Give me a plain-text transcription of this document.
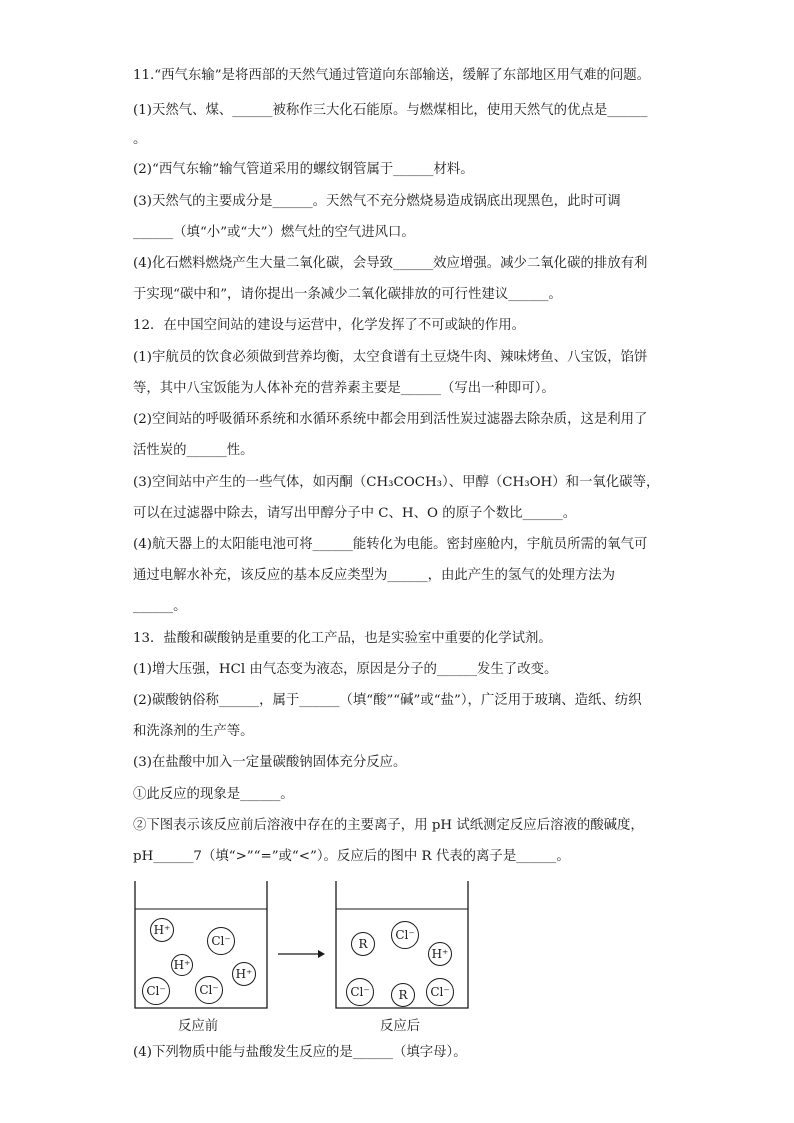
11.“西气东输”是将西部的天然气通过管道向东部输送，缓解了东部地区用气难的问题。
(1)天然气、煤、______被称作三大化石能原。与燃煤相比，使用天然气的优点是______
。
(2)“西气东输”输气管道采用的螺纹钢管属于______材料。
(3)天然气的主要成分是______。天然气不充分燃烧易造成锅底出现黑色，此时可调
______（填“小”或“大”）燃气灶的空气进风口。
(4)化石燃料燃烧产生大量二氧化碳，会导致______效应增强。减少二氧化碳的排放有利
于实现“碳中和”，请你提出一条减少二氧化碳排放的可行性建议______。
12．在中国空间站的建设与运营中，化学发挥了不可或缺的作用。
(1)宇航员的饮食必须做到营养均衡，太空食谱有土豆烧牛肉、辣味烤鱼、八宝饭，馅饼
等，其中八宝饭能为人体补充的营养素主要是______（写出一种即可）。
(2)空间站的呼吸循环系统和水循环系统中都会用到活性炭过滤器去除杂质，这是利用了
活性炭的______性。
(3)空间站中产生的一些气体，如丙酮（CH₃COCH₃）、甲醇（CH₃OH）和一氧化碳等，
可以在过滤器中除去，请写出甲醇分子中 C、H、O 的原子个数比______。
(4)航天器上的太阳能电池可将______能转化为电能。密封座舱内，宇航员所需的氧气可
通过电解水补充，该反应的基本反应类型为______，由此产生的氢气的处理方法为
______。
13．盐酸和碳酸钠是重要的化工产品，也是实验室中重要的化学试剂。
(1)增大压强，HCl 由气态变为液态，原因是分子的______发生了改变。
(2)碳酸钠俗称______，属于______（填“酸”“碱”或“盐”），广泛用于玻璃、造纸、纺织
和洗涤剂的生产等。
(3)在盐酸中加入一定量碳酸钠固体充分反应。
①此反应的现象是______。
②下图表示该反应前后溶液中存在的主要离子，用 pH 试纸测定反应后溶液的酸碱度，
pH______7（填“>”“=”或“<”）。反应后的图中 R 代表的离子是______。
H⁺
Cl⁻
H⁺
H⁺
Cl⁻	Cl⁻
反应前
R
Cl⁻
H⁺
Cl⁻	R	Cl⁻
反应后
(4)下列物质中能与盐酸发生反应的是______（填字母）。
